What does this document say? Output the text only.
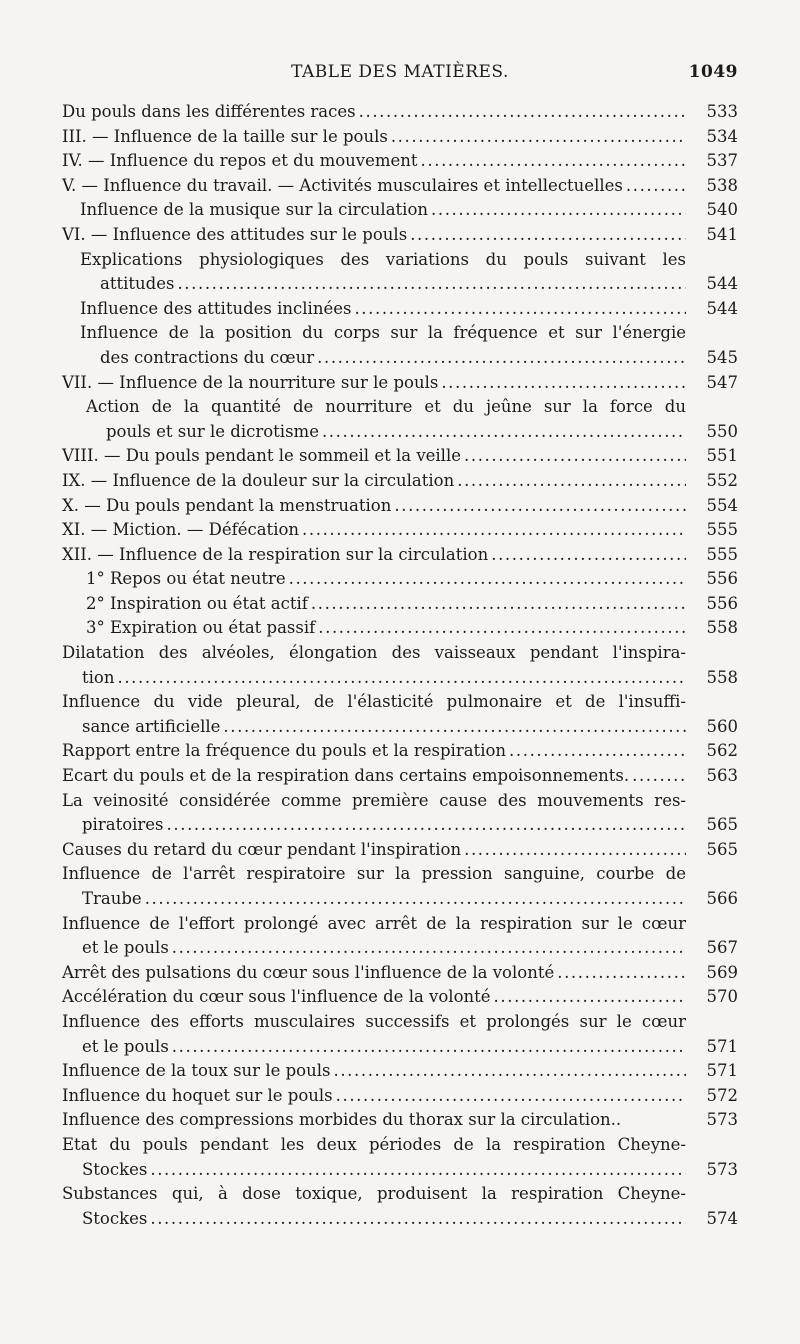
TABLE DES MATIÈRES.	1049
Du pouls dans les différentes races .....	533
III. — Influence de la taille sur le pouls .....	534
IV. — Influence du repos et du mouvement .....	537
V. — Influence du travail. — Activités musculaires et intellectuelles .....	538
Influence de la musique sur la circulation .....	540
VI. — Influence des attitudes sur le pouls .....	541
Explications physiologiques des variations du pouls suivant les
attitudes .....	544
Influence des attitudes inclinées .....	544
Influence de la position du corps sur la fréquence et sur l'énergie
des contractions du cœur .....	545
VII. — Influence de la nourriture sur le pouls .....	547
Action de la quantité de nourriture et du jeûne sur la force du
pouls et sur le dicrotisme .....	550
VIII. — Du pouls pendant le sommeil et la veille .....	551
IX. — Influence de la douleur sur la circulation .....	552
X. — Du pouls pendant la menstruation .....	554
XI. — Miction. — Défécation .....	555
XII. — Influence de la respiration sur la circulation .....	555
1° Repos ou état neutre .....	556
2° Inspiration ou état actif .....	556
3° Expiration ou état passif .....	558
Dilatation des alvéoles, élongation des vaisseaux pendant l'inspira-
tion .....	558
Influence du vide pleural, de l'élasticité pulmonaire et de l'insuffi-
sance artificielle .....	560
Rapport entre la fréquence du pouls et la respiration .....	562
Ecart du pouls et de la respiration dans certains empoisonnements. .....	563
La veinosité considérée comme première cause des mouvements res-
piratoires .....	565
Causes du retard du cœur pendant l'inspiration .....	565
Influence de l'arrêt respiratoire sur la pression sanguine, courbe de
Traube .....	566
Influence de l'effort prolongé avec arrêt de la respiration sur le cœur
et le pouls .....	567
Arrêt des pulsations du cœur sous l'influence de la volonté .....	569
Accélération du cœur sous l'influence de la volonté .....	570
Influence des efforts musculaires successifs et prolongés sur le cœur
et le pouls .....	571
Influence de la toux sur le pouls .....	571
Influence du hoquet sur le pouls .....	572
Influence des compressions morbides du thorax sur la circulation..	573
Etat du pouls pendant les deux périodes de la respiration Cheyne-
Stockes .....	573
Substances qui, à dose toxique, produisent la respiration Cheyne-
Stockes .....	574
